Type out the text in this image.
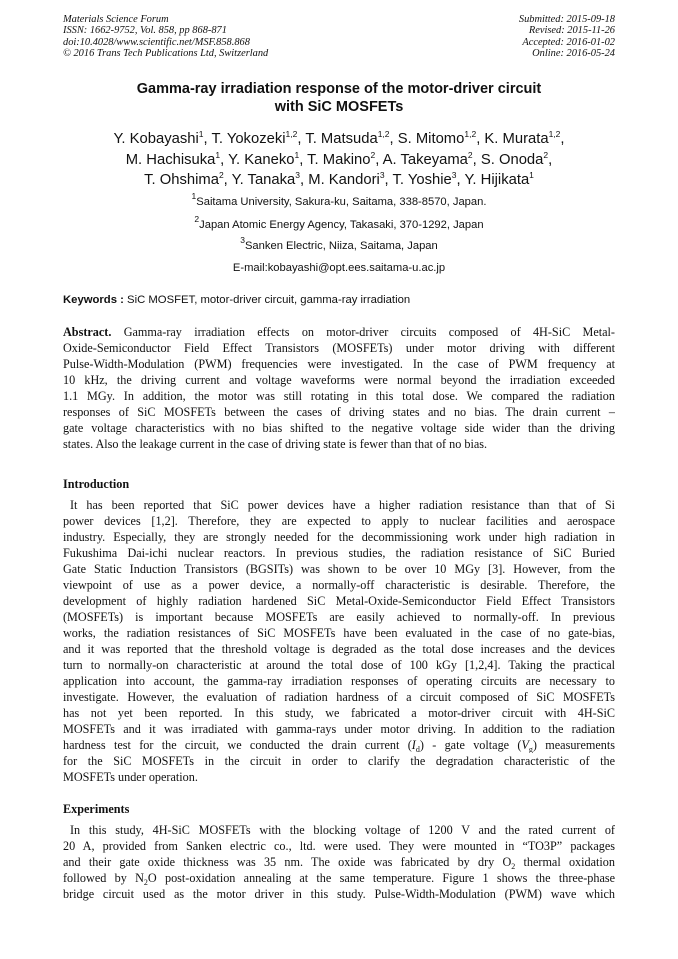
Materials Science Forum
ISSN: 1662-9752, Vol. 858, pp 868-871
doi:10.4028/www.scientific.net/MSF.858.868
© 2016 Trans Tech Publications Ltd, Switzerland
Submitted: 2015-09-18
Revised: 2015-11-26
Accepted: 2016-01-02
Online: 2016-05-24
Gamma-ray irradiation response of the motor-driver circuit
with SiC MOSFETs
Y. Kobayashi$^1$, T. Yokozeki$^{1,2}$, T. Matsuda$^{1,2}$, S. Mitomo$^{1,2}$, K. Murata$^{1,2}$,
M. Hachisuka$^1$, Y. Kaneko$^1$, T. Makino$^2$, A. Takeyama$^2$, S. Onoda$^2$,
T. Ohshima$^2$, Y. Tanaka$^3$, M. Kandori$^3$, T. Yoshie$^3$, Y. Hijikata$^1$
$^1$Saitama University, Sakura-ku, Saitama, 338-8570, Japan.
$^2$Japan Atomic Energy Agency, Takasaki, 370-1292, Japan
$^3$Sanken Electric, Niiza, Saitama, Japan
E-mail:kobayashi@opt.ees.saitama-u.ac.jp
Keywords : SiC MOSFET, motor-driver circuit, gamma-ray irradiation
Abstract. Gamma-ray irradiation effects on motor-driver circuits composed of 4H-SiC Metal-
Oxide-Semiconductor Field Effect Transistors (MOSFETs) under motor driving with different
Pulse-Width-Modulation (PWM) frequencies were investigated. In the case of PWM frequency at
10 kHz, the driving current and voltage waveforms were normal beyond the irradiation exceeded
1.1 MGy. In addition, the motor was still rotating in this total dose. We compared the radiation
responses of SiC MOSFETs between the cases of driving states and no bias. The drain current –
gate voltage characteristics with no bias shifted to the negative voltage side wider than the driving
states. Also the leakage current in the case of driving state is fewer than that of no bias.
Introduction
It has been reported that SiC power devices have a higher radiation resistance than that of Si
power devices [1,2]. Therefore, they are expected to apply to nuclear facilities and aerospace
industry. Especially, they are strongly needed for the decommissioning work under high radiation in
Fukushima Dai-ichi nuclear reactors. In previous studies, the radiation resistance of SiC Buried
Gate Static Induction Transistors (BGSITs) was shown to be over 10 MGy [3]. However, from the
viewpoint of use as a power device, a normally-off characteristic is desirable. Therefore, the
development of highly radiation hardened SiC Metal-Oxide-Semiconductor Field Effect Transistors
(MOSFETs) is important because MOSFETs are easily achieved to normally-off. In previous
works, the radiation resistances of SiC MOSFETs have been evaluated in the case of no gate-bias,
and it was reported that the threshold voltage is degraded as the total dose increases and the devices
turn to normally-on characteristic at around the total dose of 100 kGy [1,2,4]. Taking the practical
application into account, the gamma-ray irradiation responses of operating circuits are necessary to
investigate. However, the evaluation of radiation hardness of a circuit composed of SiC MOSFETs
has not yet been reported. In this study, we fabricated a motor-driver circuit with 4H-SiC
MOSFETs and it was irradiated with gamma-rays under motor driving. In addition to the radiation
hardness test for the circuit, we conducted the drain current $(I_d)$ - gate voltage $(V_g)$ measurements
for the SiC MOSFETs in the circuit in order to clarify the degradation characteristic of the
MOSFETs under operation.
Experiments
In this study, 4H-SiC MOSFETs with the blocking voltage of 1200 V and the rated current of
20 A, provided from Sanken electric co., ltd. were used. They were mounted in “TO3P” packages
and their gate oxide thickness was 35 nm. The oxide was fabricated by dry $O_2$ thermal oxidation
followed by $N_2O$ post-oxidation annealing at the same temperature. Figure 1 shows the three-phase
bridge circuit used as the motor driver in this study. Pulse-Width-Modulation (PWM) wave which
